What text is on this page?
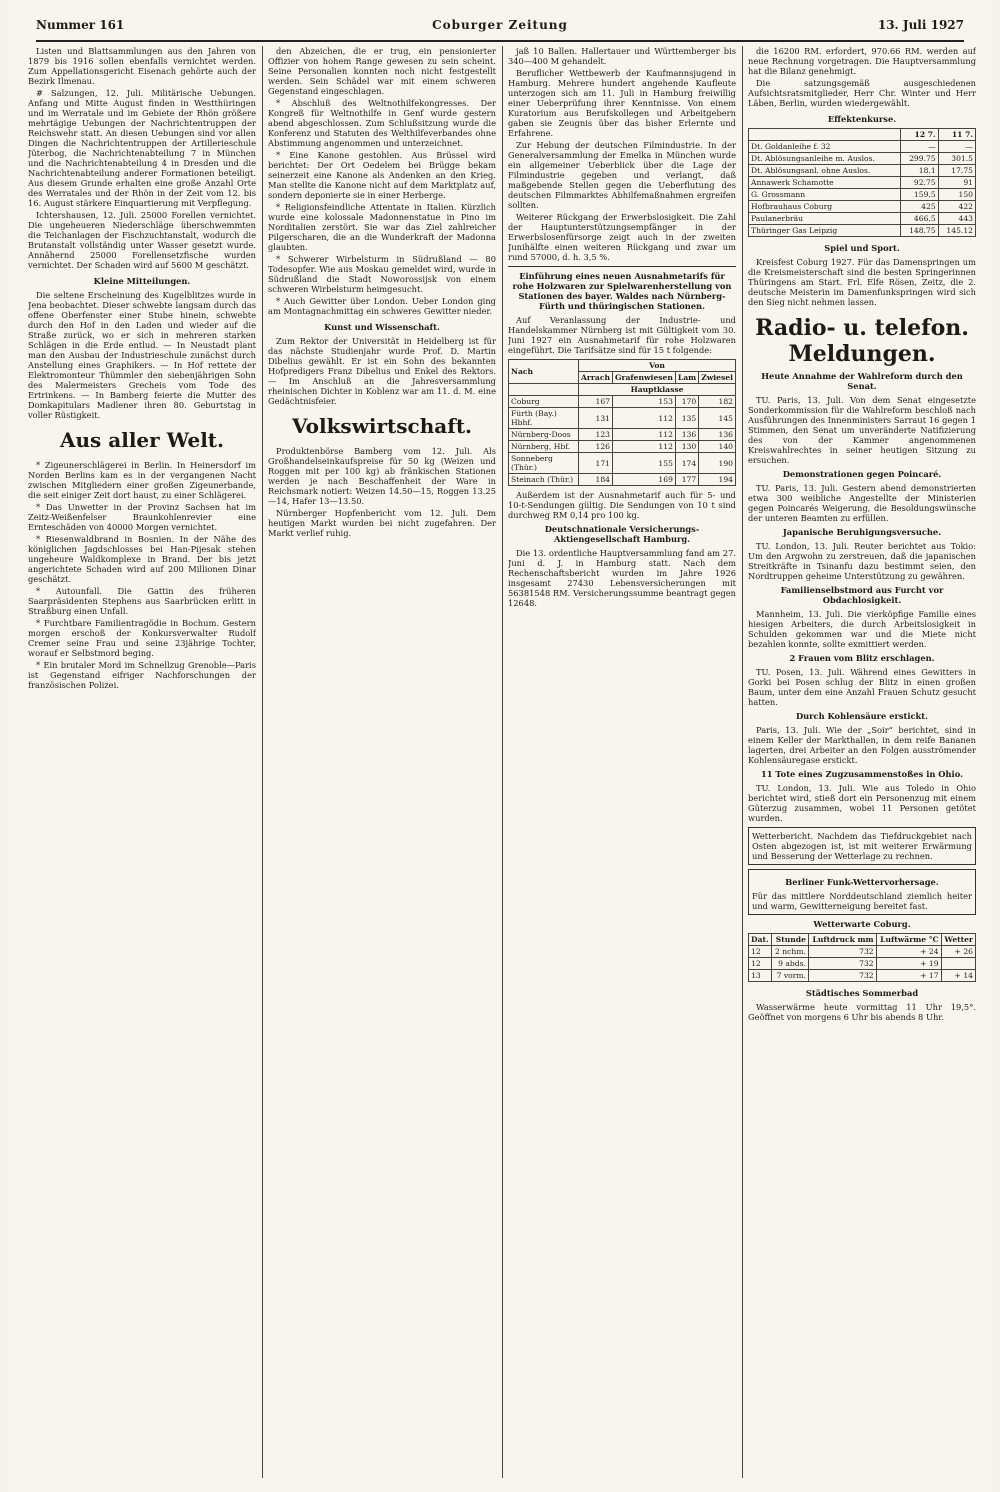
Nummer 161	Coburger Zeitung	13. Juli 1927

Listen und Blattsammlungen aus den Jahren von 1879 bis 1916 sollen ebenfalls vernichtet werden. Zum Appellationsgericht Eisenach gehörte auch der Bezirk Ilmenau.

# Salzungen, 12. Juli. Militärische Uebungen. Anfang und Mitte August finden in Westthüringen und im Werratale und im Gebiete der Rhön größere mehrtägige Uebungen der Nachrichtentruppen der Reichswehr statt. An diesen Uebungen sind vor allen Dingen die Nachrichtentruppen der Artillerieschule Jüterbog, die Nachrichtenabteilung 7 in München und die Nachrichtenabteilung 4 in Dresden und die Nachrichtenabteilung anderer Formationen beteiligt. Aus diesem Grunde erhalten eine große Anzahl Orte des Werratales und der Rhön in der Zeit vom 12. bis 16. August stärkere Einquartierung mit Verpflegung.

Ichtershausen, 12. Juli. 25000 Forellen vernichtet. Die ungeheueren Niederschläge überschwemmten die Teichanlagen der Fischzuchtanstalt, wodurch die Brutanstalt vollständig unter Wasser gesetzt wurde. Annähernd 25000 Forellensetzfische wurden vernichtet. Der Schaden wird auf 5600 M geschätzt.

Kleine Mitteilungen.

Die seltene Erscheinung des Kugelblitzes wurde in Jena beobachtet. Dieser schwebte langsam durch das offene Oberfenster einer Stube hinein, schwebte durch den Hof in den Laden und wieder auf die Straße zurück, wo er sich in mehreren starken Schlägen in die Erde entlud. — In Neustadt plant man den Ausbau der Industrieschule zunächst durch Anstellung eines Graphikers. — In Hof rettete der Elektromonteur Thümmler den siebenjährigen Sohn des Malermeisters Grecheis vom Tode des Ertrinkens. — In Bamberg feierte die Mutter des Domkapitulars Madlener ihren 80. Geburtstag in voller Rüstigkeit.

Aus aller Welt.

* Zigeunerschlägerei in Berlin. In Heinersdorf im Norden Berlins kam es in der vergangenen Nacht zwischen Mitgliedern einer großen Zigeunerbande, die seit einiger Zeit dort haust, zu einer Schlägerei.

* Das Unwetter in der Provinz Sachsen hat im Zeitz-Weißenfelser Braunkohlenrevier eine Ernteschäden von 40000 Morgen vernichtet.

* Riesenwaldbrand in Bosnien. In der Nähe des königlichen Jagdschlosses bei Han-Pijesak stehen ungeheure Waldkomplexe in Brand. Der bis jetzt angerichtete Schaden wird auf 200 Millionen Dinar geschätzt.

* Autounfall. Die Gattin des früheren Saarpräsidenten Stephens aus Saarbrücken erlitt in Straßburg einen Unfall.

* Furchtbare Familientragödie in Bochum. Gestern morgen erschoß der Konkursverwalter Rudolf Cremer seine Frau und seine 23jährige Tochter, worauf er Selbstmord beging.

* Ein brutaler Mord im Schnellzug Grenoble—Paris ist Gegenstand eifriger Nachforschungen der französischen Polizei.

den Abzeichen, die er trug, ein pensionierter Offizier von hohem Range gewesen zu sein scheint. Seine Personalien konnten noch nicht festgestellt werden. Sein Schädel war mit einem schweren Gegenstand eingeschlagen.

* Abschluß des Weltnothilfekongresses. Der Kongreß für Weltnothilfe in Genf wurde gestern abend abgeschlossen. Zum Schlußsitzung wurde die Konferenz und Statuten des Welthilfeverbandes ohne Abstimmung angenommen und unterzeichnet.

* Eine Kanone gestohlen. Aus Brüssel wird berichtet: Der Ort Oedelem bei Brügge bekam seinerzeit eine Kanone als Andenken an den Krieg. Man stellte die Kanone nicht auf dem Marktplatz auf, sondern deponierte sie in einer Herberge.

* Religionsfeindliche Attentate in Italien. Kürzlich wurde eine kolossale Madonnenstatue in Pino im Norditalien zerstört. Sie war das Ziel zahlreicher Pilgerscharen, die an die Wunderkraft der Madonna glaubten.

* Schwerer Wirbelsturm in Südrußland — 80 Todesopfer. Wie aus Moskau gemeldet wird, wurde in Südrußland die Stadt Noworossijsk von einem schweren Wirbelsturm heimgesucht.

* Auch Gewitter über London. Ueber London ging am Montagnachmittag ein schweres Gewitter nieder.

Kunst und Wissenschaft.

Zum Rektor der Universität in Heidelberg ist für das nächste Studienjahr wurde Prof. D. Martin Dibelius gewählt. Er ist ein Sohn des bekannten Hofpredigers Franz Dibelius und Enkel des Rektors. — Im Anschluß an die Jahresversammlung rheinischen Dichter in Koblenz war am 11. d. M. eine Gedächtnisfeier.

Volkswirtschaft.

Produktenbörse Bamberg vom 12. Juli. Als Großhandelseinkaufspreise für 50 kg (Weizen und Roggen mit per 100 kg) ab fränkischen Stationen werden je nach Beschaffenheit der Ware in Reichsmark notiert: Weizen 14.50—15, Roggen 13.25—14, Hafer 13—13.50.

Nürnberger Hopfenbericht vom 12. Juli. Dem heutigen Markt wurden bei nicht zugefahren. Der Markt verlief ruhig.

jaß 10 Ballen. Hallertauer und Württemberger bis 340—400 M gehandelt.

Beruflicher Wettbewerb der Kaufmannsjugend in Hamburg. Mehrere hundert angehende Kaufleute unterzogen sich am 11. Juli in Hamburg freiwillig einer Ueberprüfung ihrer Kenntnisse. Von einem Kuratorium aus Berufskollegen und Arbeitgebern gaben sie Zeugnis über das bisher Erlernte und Erfahrene.

Zur Hebung der deutschen Filmindustrie. In der Generalversammlung der Emelka in München wurde ein allgemeiner Ueberblick über die Lage der Filmindustrie gegeben und verlangt, daß maßgebende Stellen gegen die Ueberflutung des deutschen Filmmarktes Abhilfemaßnahmen ergreifen sollten.

Weiterer Rückgang der Erwerbslosigkeit. Die Zahl der Hauptunterstützungsempfänger in der Erwerbslosenfürsorge zeigt auch in der zweiten Junihälfte einen weiteren Rückgang und zwar um rund 57000, d. h. 3,5 %.

Einführung eines neuen Ausnahmetarifs für rohe Holzwaren zur Spielwarenherstellung von Stationen des bayer. Waldes nach Nürnberg-Fürth und thüringischen Stationen.

Auf Veranlassung der Industrie- und Handelskammer Nürnberg ist mit Gültigkeit vom 30. Juni 1927 ein Ausnahmetarif für rohe Holzwaren eingeführt. Die Tarifsätze sind für 15 t folgende:

Nach	Von			
	Arrach	Grafenwiesen	Lam	Zwiesel
	Hauptklasse			
Coburg	167	153	170	182
Fürth (Bay.) Hbhf.	131	112	135	145
Nürnberg-Doos	123	112	136	136
Nürnberg, Hbf.	126	112	130	140
Sonneberg (Thür.)	171	155	174	190
Steinach (Thür.)	184	169	177	194

Außerdem ist der Ausnahmetarif auch für 5- und 10-t-Sendungen gültig. Die Sendungen von 10 t sind durchweg RM 0,14 pro 100 kg.

Deutschnationale Versicherungs-Aktiengesellschaft Hamburg.

Die 13. ordentliche Hauptversammlung fand am 27. Juni d. J. in Hamburg statt. Nach dem Rechenschaftsbericht wurden im Jahre 1926 insgesamt 27430 Lebensversicherungen mit 56381548 RM. Versicherungssumme beantragt gegen 12648.

die 16200 RM. erfordert, 970.66 RM. werden auf neue Rechnung vorgetragen. Die Hauptversammlung hat die Bilanz genehmigt.

Die satzungsgemäß ausgeschiedenen Aufsichtsratsmitglieder, Herr Chr. Winter und Herr Läben, Berlin, wurden wiedergewählt.

Effektenkurse.
	12 7.	11 7.
Dt. Goldanleihe f. 32	—	—
Dt. Ablösungsanleihe m. Auslos.	299.75	301.5
Dt. Ablösungsanl. ohne Auslos.	18.1	17.75
Annawerk Schamotte	92.75	91
G. Grossmann	159.5	150
Hofbrauhaus Coburg	425	422
Paulanerbräu	466.5	443
Thüringer Gas Leipzig	148.75	145.12
Spiel und Sport.

Kreisfest Coburg 1927. Für das Damenspringen um die Kreismeisterschaft sind die besten Springerinnen Thüringens am Start. Frl. Elfe Rösen, Zeitz, die 2. deutsche Meisterin im Damenfunkspringen wird sich den Sieg nicht nehmen lassen.

Radio- u. telefon. Meldungen.
Heute Annahme der Wahlreform durch den Senat.

TU. Paris, 13. Juli. Von dem Senat eingesetzte Sonderkommission für die Wahlreform beschloß nach Ausführungen des Innenministers Sarraut 16 gegen 1 Stimmen, den Senat um unveränderte Natifizierung des von der Kammer angenommenen Kreiswahlrechtes in seiner heutigen Sitzung zu ersuchen.

Demonstrationen gegen Poincaré.

TU. Paris, 13. Juli. Gestern abend demonstrierten etwa 300 weibliche Angestellte der Ministerien gegen Poincarés Weigerung, die Besoldungswünsche der unteren Beamten zu erfüllen.

Japanische Beruhigungsversuche.

TU. London, 13. Juli. Reuter berichtet aus Tokio: Um den Argwohn zu zerstreuen, daß die japanischen Streitkräfte in Tsinanfu dazu bestimmt seien, den Nordtruppen geheime Unterstützung zu gewähren.

Familienselbstmord aus Furcht vor Obdachlosigkeit.

Mannheim, 13. Juli. Die vierköpfige Familie eines hiesigen Arbeiters, die durch Arbeitslosigkeit in Schulden gekommen war und die Miete nicht bezahlen konnte, sollte exmittiert werden.

2 Frauen vom Blitz erschlagen.

TU. Posen, 13. Juli. Während eines Gewitters in Gorki bei Posen schlug der Blitz in einen großen Baum, unter dem eine Anzahl Frauen Schutz gesucht hatten.

Durch Kohlensäure erstickt.

Paris, 13. Juli. Wie der „Soir“ berichtet, sind in einem Keller der Markthallen, in dem reife Bananen lagerten, drei Arbeiter an den Folgen ausströmender Kohlensäuregase erstickt.

11 Tote eines Zugzusammenstoßes in Ohio.

TU. London, 13. Juli. Wie aus Toledo in Ohio berichtet wird, stieß dort ein Personenzug mit einem Güterzug zusammen, wobei 11 Personen getötet wurden.

Wetterbericht. Nachdem das Tiefdruckgebiet nach Osten abgezogen ist, ist mit weiterer Erwärmung und Besserung der Wetterlage zu rechnen.
Berliner Funk-Wettervorhersage.
Für das mittlere Norddeutschland ziemlich heiter und warm, Gewitterneigung bereitet fast.
Wetterwarte Coburg.
Dat.	Stunde	Luftdruck mm	Luftwärme °C	Wetter
12	2 nchm.	732	+ 24	+ 26
12	9 abds.	732	+ 19	
13	7 vorm.	732	+ 17	+ 14
Städtisches Sommerbad

Wasserwärme heute vormittag 11 Uhr 19,5°. Geöffnet von morgens 6 Uhr bis abends 8 Uhr.
